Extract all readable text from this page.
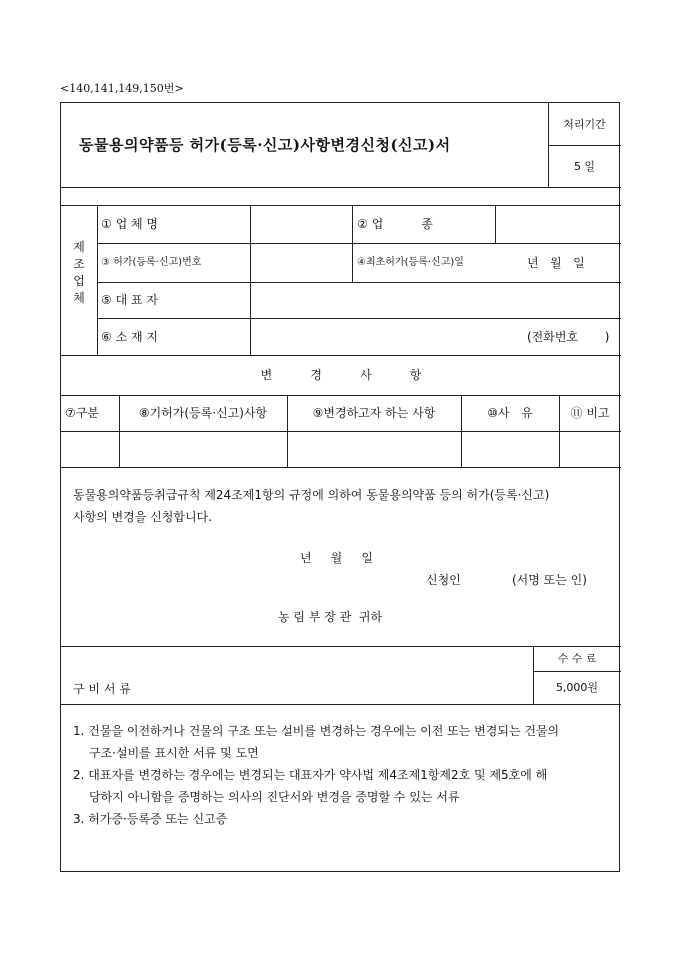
<140,141,149,150번>
동물용의약품등 허가(등록·신고)사항변경신청(신고)서
처리기간
5 일
제
조
업
체
① 업 체 명	② 업          종
③ 허가(등록·신고)번호	④최초허가(등록·신고)일	년   월   일
⑤ 대 표 자
⑥ 소 재 지	(전화번호       )
변          경          사          항
⑦구분	⑧기허가(등록·신고)사항	⑨변경하고자 하는 사항	⑩사   유	⑪ 비고
동물용의약품등취급규칙 제24조제1항의 규정에 의하여 동물용의약품 등의 허가(등록·신고)
사항의 변경을 신청합니다.
년     월     일
신청인	(서명 또는 인)
농 림 부 장 관  귀하
수 수 료
5,000원
구 비 서 류
1. 건물을 이전하거나 건물의 구조 또는 설비를 변경하는 경우에는 이전 또는 변경되는 건물의
구조·설비를 표시한 서류 및 도면
2. 대표자를 변경하는 경우에는 변경되는 대표자가 약사법 제4조제1항제2호 및 제5호에 해
당하지 아니함을 증명하는 의사의 진단서와 변경을 증명할 수 있는 서류
3. 허가증·등록증 또는 신고증
